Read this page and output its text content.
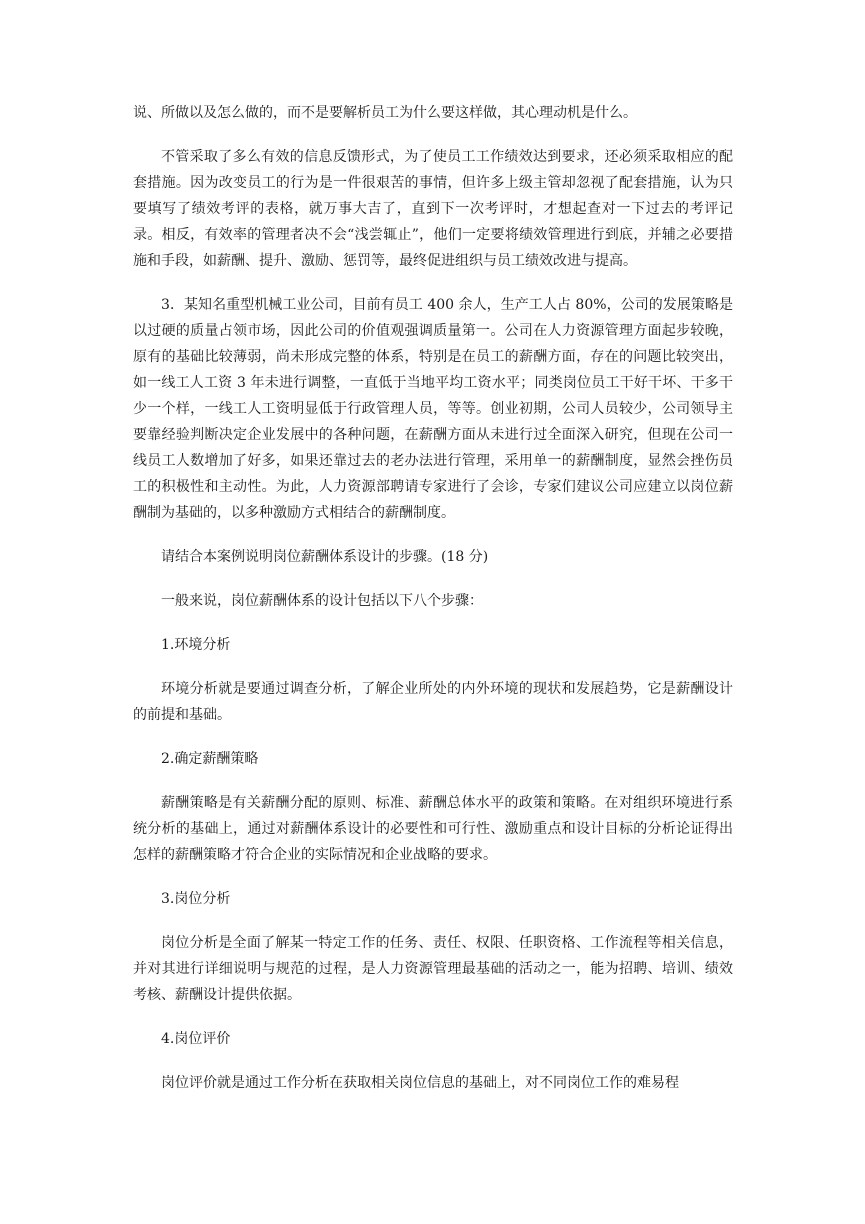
说、所做以及怎么做的，而不是要解析员工为什么要这样做，其心理动机是什么。

不管采取了多么有效的信息反馈形式，为了使员工工作绩效达到要求，还必须采取相应的配套措施。因为改变员工的行为是一件很艰苦的事情，但许多上级主管却忽视了配套措施，认为只要填写了绩效考评的表格，就万事大吉了，直到下一次考评时，才想起查对一下过去的考评记录。相反，有效率的管理者决不会“浅尝辄止”，他们一定要将绩效管理进行到底，并辅之必要措施和手段，如薪酬、提升、激励、惩罚等，最终促进组织与员工绩效改进与提高。

3．某知名重型机械工业公司，目前有员工 400 余人，生产工人占 80%，公司的发展策略是以过硬的质量占领市场，因此公司的价值观强调质量第一。公司在人力资源管理方面起步较晚，原有的基础比较薄弱，尚未形成完整的体系，特别是在员工的薪酬方面，存在的问题比较突出，如一线工人工资 3 年未进行调整，一直低于当地平均工资水平；同类岗位员工干好干坏、干多干少一个样，一线工人工资明显低于行政管理人员，等等。创业初期，公司人员较少，公司领导主要靠经验判断决定企业发展中的各种问题，在薪酬方面从未进行过全面深入研究，但现在公司一线员工人数增加了好多，如果还靠过去的老办法进行管理，采用单一的薪酬制度，显然会挫伤员工的积极性和主动性。为此，人力资源部聘请专家进行了会诊，专家们建议公司应建立以岗位薪酬制为基础的，以多种激励方式相结合的薪酬制度。

请结合本案例说明岗位薪酬体系设计的步骤。(18 分)

一般来说，岗位薪酬体系的设计包括以下八个步骤：

1.环境分析

环境分析就是要通过调查分析，了解企业所处的内外环境的现状和发展趋势，它是薪酬设计的前提和基础。

2.确定薪酬策略

薪酬策略是有关薪酬分配的原则、标准、薪酬总体水平的政策和策略。在对组织环境进行系统分析的基础上，通过对薪酬体系设计的必要性和可行性、激励重点和设计目标的分析论证得出怎样的薪酬策略才符合企业的实际情况和企业战略的要求。

3.岗位分析

岗位分析是全面了解某一特定工作的任务、责任、权限、任职资格、工作流程等相关信息，并对其进行详细说明与规范的过程，是人力资源管理最基础的活动之一，能为招聘、培训、绩效考核、薪酬设计提供依据。

4.岗位评价

岗位评价就是通过工作分析在获取相关岗位信息的基础上，对不同岗位工作的难易程
